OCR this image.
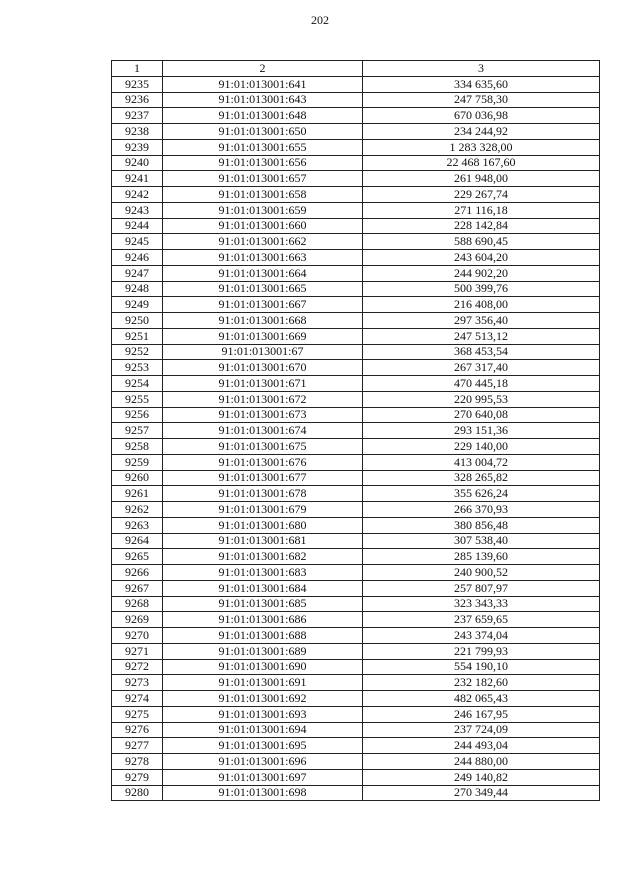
202
1	2	3
9235	91:01:013001:641	334 635,60
9236	91:01:013001:643	247 758,30
9237	91:01:013001:648	670 036,98
9238	91:01:013001:650	234 244,92
9239	91:01:013001:655	1 283 328,00
9240	91:01:013001:656	22 468 167,60
9241	91:01:013001:657	261 948,00
9242	91:01:013001:658	229 267,74
9243	91:01:013001:659	271 116,18
9244	91:01:013001:660	228 142,84
9245	91:01:013001:662	588 690,45
9246	91:01:013001:663	243 604,20
9247	91:01:013001:664	244 902,20
9248	91:01:013001:665	500 399,76
9249	91:01:013001:667	216 408,00
9250	91:01:013001:668	297 356,40
9251	91:01:013001:669	247 513,12
9252	91:01:013001:67	368 453,54
9253	91:01:013001:670	267 317,40
9254	91:01:013001:671	470 445,18
9255	91:01:013001:672	220 995,53
9256	91:01:013001:673	270 640,08
9257	91:01:013001:674	293 151,36
9258	91:01:013001:675	229 140,00
9259	91:01:013001:676	413 004,72
9260	91:01:013001:677	328 265,82
9261	91:01:013001:678	355 626,24
9262	91:01:013001:679	266 370,93
9263	91:01:013001:680	380 856,48
9264	91:01:013001:681	307 538,40
9265	91:01:013001:682	285 139,60
9266	91:01:013001:683	240 900,52
9267	91:01:013001:684	257 807,97
9268	91:01:013001:685	323 343,33
9269	91:01:013001:686	237 659,65
9270	91:01:013001:688	243 374,04
9271	91:01:013001:689	221 799,93
9272	91:01:013001:690	554 190,10
9273	91:01:013001:691	232 182,60
9274	91:01:013001:692	482 065,43
9275	91:01:013001:693	246 167,95
9276	91:01:013001:694	237 724,09
9277	91:01:013001:695	244 493,04
9278	91:01:013001:696	244 880,00
9279	91:01:013001:697	249 140,82
9280	91:01:013001:698	270 349,44
